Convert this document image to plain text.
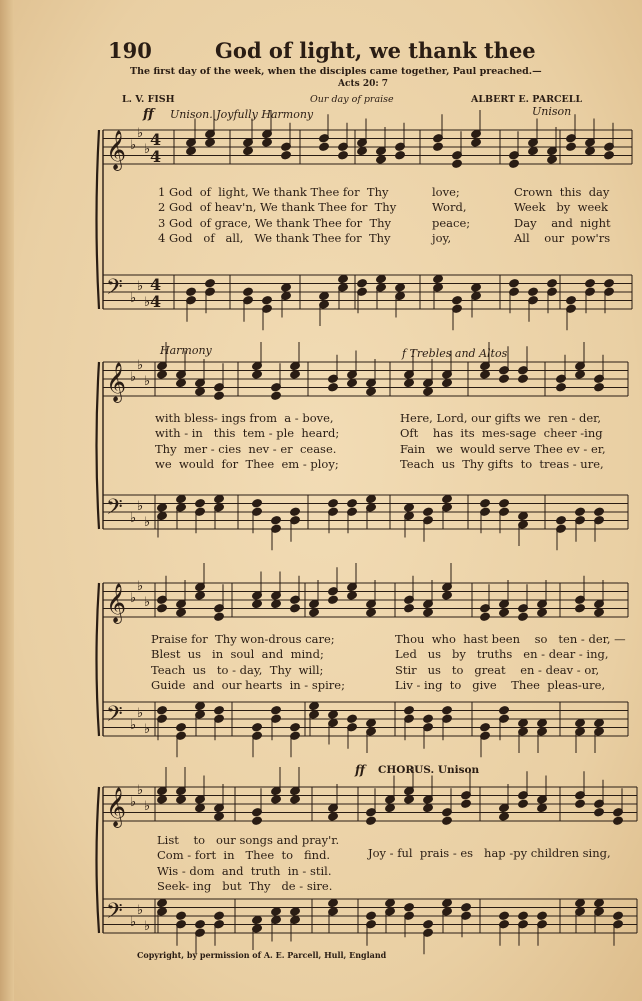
𝄞
𝄢
♭
♭
♭
♭
♭
♭
4
4
4
4
𝄞
𝄢
♭
♭
♭
♭
♭
♭
𝄞
𝄢
♭
♭
♭
♭
♭
♭
𝄞
𝄢
♭
♭
♭
♭
♭
♭
190	God of light, we thank thee
The first day of the week, when the disciples came together, Paul preached.—
Acts 20: 7
L. V. FISH	Our day of praise	ALBERT E. PARCELL
ff Unison. Joyfully Harmony	Unison
1 God  of  light, We thank Thee for  Thy
2 God  of heav'n, We thank Thee for  Thy
3 God  of grace, We thank Thee for  Thy
4 God   of   all,   We thank Thee for  Thy
love;
Word,
peace;
joy,
Crown  this  day
Week   by  week
Day    and  night
All    our  pow'rs
Harmony	f Trebles and Altos
with bless- ings from  a - bove,
with - in   this  tem - ple  heard;
Thy  mer - cies  nev - er  cease.
we  would  for  Thee  em - ploy;
Here, Lord, our gifts we  ren - der,
Oft    has  its  mes-sage  cheer -ing
Fain   we  would serve Thee ev - er,
Teach  us  Thy gifts  to  treas - ure,
Praise for  Thy won-drous care;
Blest  us   in  soul  and  mind;
Teach  us   to - day,  Thy  will;
Guide  and  our hearts  in - spire;
Thou  who  hast been    so   ten - der, —
Led   us   by   truths   en - dear - ing,
Stir   us   to   great    en - deav - or,
Liv - ing  to   give    Thee  pleas-ure,
ff CHORUS. Unison
List    to   our songs and pray'r.
Com - fort  in   Thee  to   find.
Wis - dom  and  truth  in - stil.
Seek- ing   but  Thy   de - sire.
Joy - ful  prais - es   hap -py children sing,
Copyright, by permission of A. E. Parcell, Hull, England
